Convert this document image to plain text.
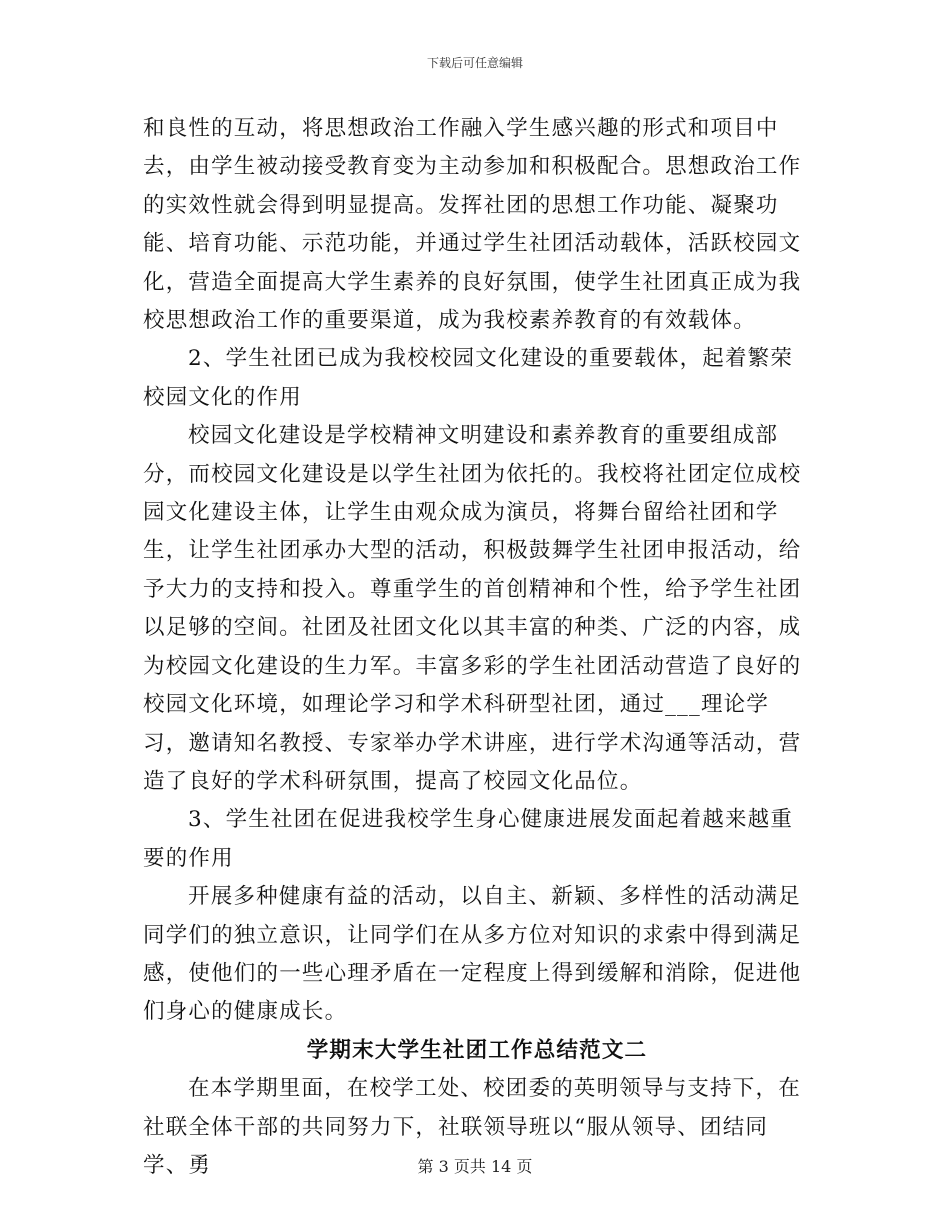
下载后可任意编辑

和良性的互动，将思想政治工作融入学生感兴趣的形式和项目中去，由学生被动接受教育变为主动参加和积极配合。思想政治工作的实效性就会得到明显提高。发挥社团的思想工作功能、凝聚功能、培育功能、示范功能，并通过学生社团活动载体，活跃校园文化，营造全面提高大学生素养的良好氛围，使学生社团真正成为我校思想政治工作的重要渠道，成为我校素养教育的有效载体。

2、学生社团已成为我校校园文化建设的重要载体，起着繁荣校园文化的作用

校园文化建设是学校精神文明建设和素养教育的重要组成部分，而校园文化建设是以学生社团为依托的。我校将社团定位成校园文化建设主体，让学生由观众成为演员，将舞台留给社团和学生，让学生社团承办大型的活动，积极鼓舞学生社团申报活动，给予大力的支持和投入。尊重学生的首创精神和个性，给予学生社团以足够的空间。社团及社团文化以其丰富的种类、广泛的内容，成为校园文化建设的生力军。丰富多彩的学生社团活动营造了良好的校园文化环境，如理论学习和学术科研型社团，通过___理论学习，邀请知名教授、专家举办学术讲座，进行学术沟通等活动，营造了良好的学术科研氛围，提高了校园文化品位。

3、学生社团在促进我校学生身心健康进展发面起着越来越重要的作用

开展多种健康有益的活动，以自主、新颖、多样性的活动满足同学们的独立意识，让同学们在从多方位对知识的求索中得到满足感，使他们的一些心理矛盾在一定程度上得到缓解和消除，促进他们身心的健康成长。

学期末大学生社团工作总结范文二

在本学期里面，在校学工处、校团委的英明领导与支持下，在社联全体干部的共同努力下，社联领导班以“服从领导、团结同学、勇	第 3 页共 14 页
